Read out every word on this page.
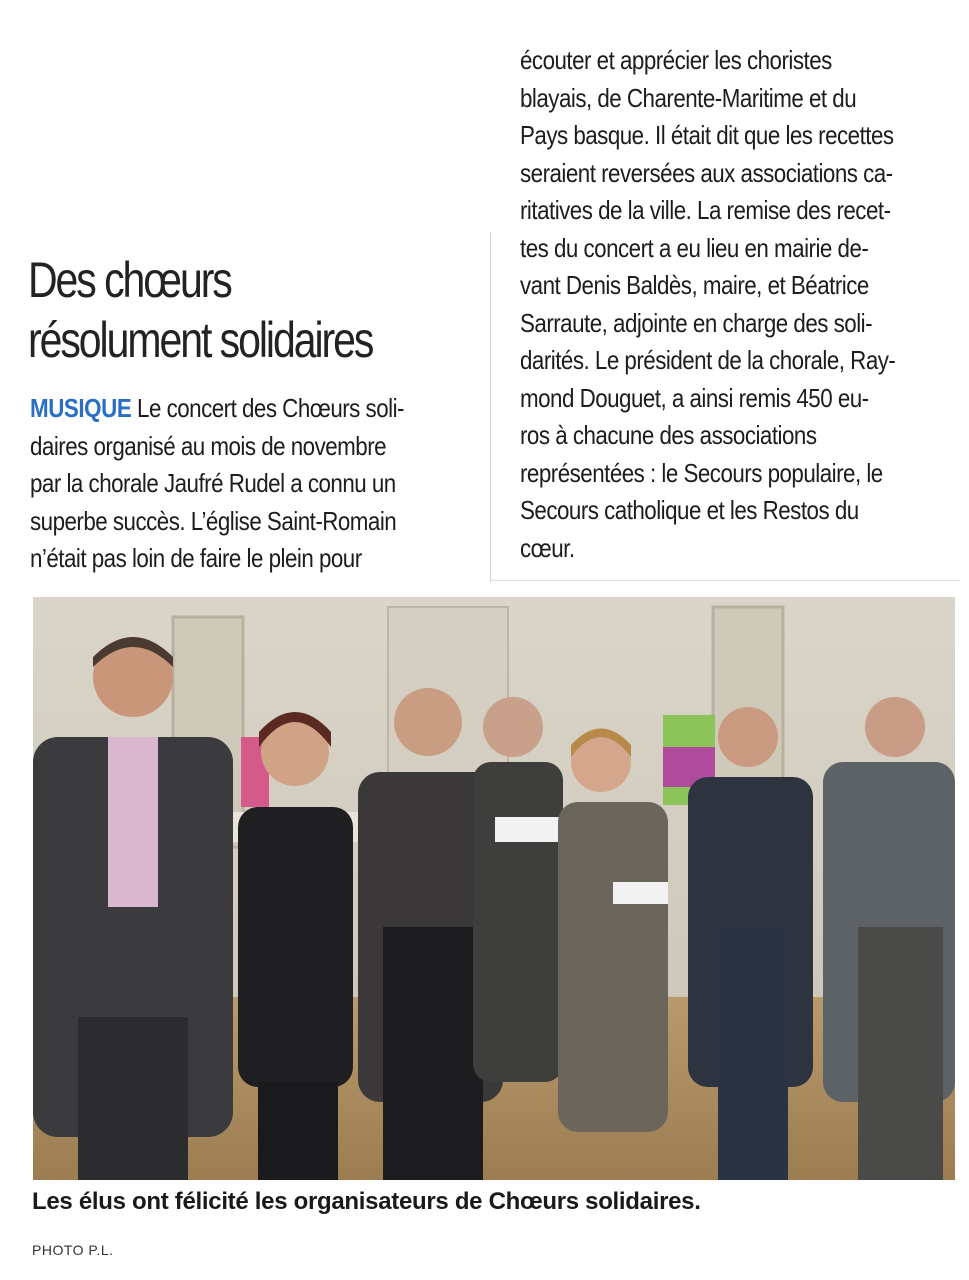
Des chœurs
résolument solidaires
MUSIQUE Le concert des Chœurs soli-
daires organisé au mois de novembre
par la chorale Jaufré Rudel a connu un
superbe succès. L’église Saint-Romain
n’était pas loin de faire le plein pour
écouter et apprécier les choristes
blayais, de Charente-Maritime et du
Pays basque. Il était dit que les recettes
seraient reversées aux associations ca-
ritatives de la ville. La remise des recet-
tes du concert a eu lieu en mairie de-
vant Denis Baldès, maire, et Béatrice
Sarraute, adjointe en charge des soli-
darités. Le président de la chorale, Ray-
mond Douguet, a ainsi remis 450 eu-
ros à chacune des associations
représentées : le Secours populaire, le
Secours catholique et les Restos du
cœur.
Les élus ont félicité les organisateurs de Chœurs solidaires.
PHOTO P.L.
